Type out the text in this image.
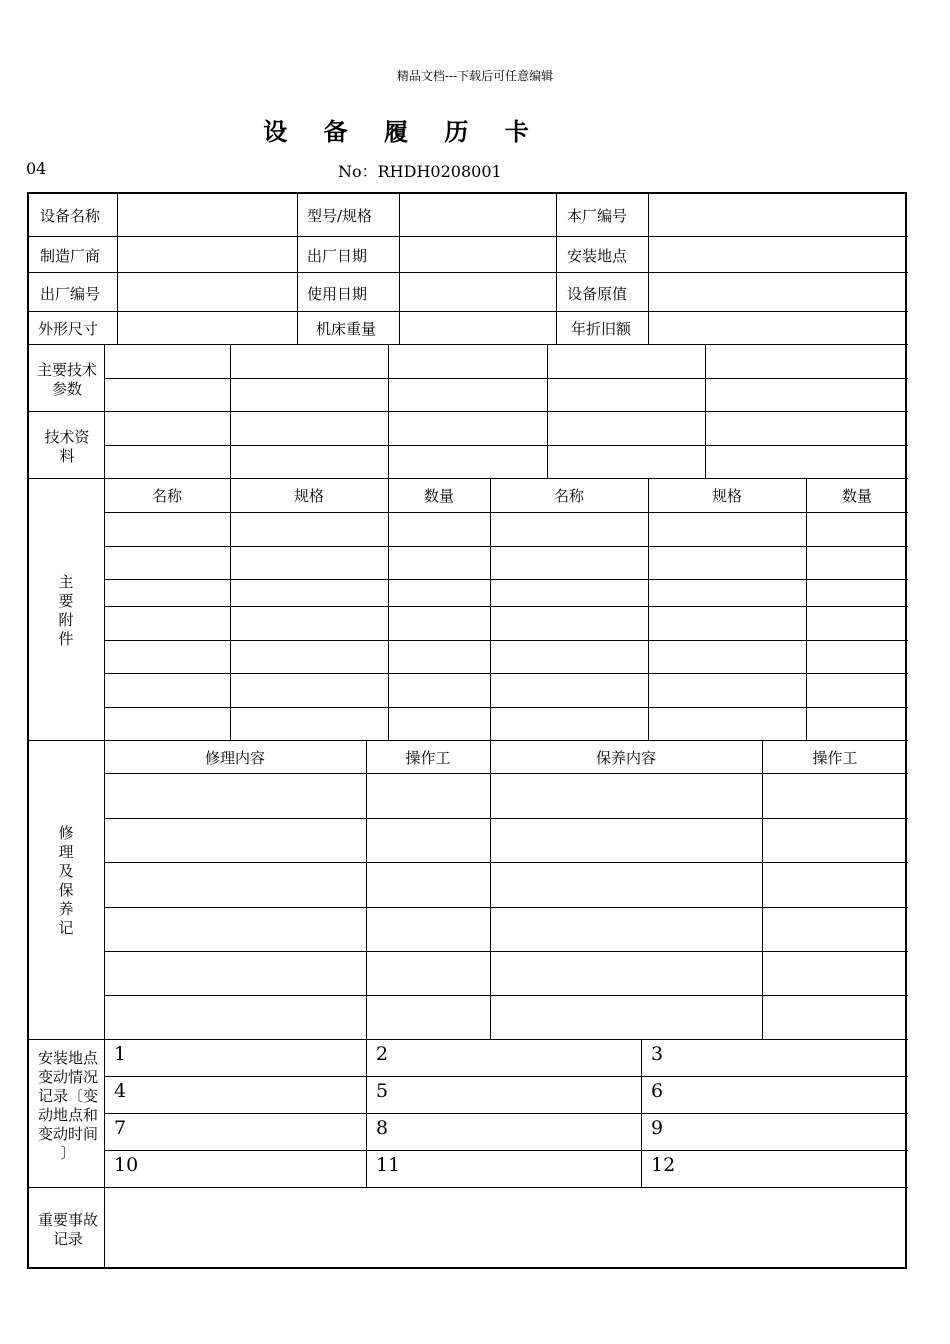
精品文档---下载后可任意编辑
设 备 履 历 卡
04	No：RHDH0208001
设备名称	型号/规格	本厂编号
制造厂商	出厂日期	安装地点
出厂编号	使用日期	设备原值
外形尺寸	机床重量	年折旧额
主要技术
参数
技术资
料
主
要
附
件
名称	规格	数量	名称	规格	数量
修
理
及
保
养
记
修理内容	操作工	保养内容	操作工
安装地点
变动情况
记录〔变
动地点和
变动时间
〕
1	2	3
4	5	6
7	8	9
10	11	12
重要事故
记录
